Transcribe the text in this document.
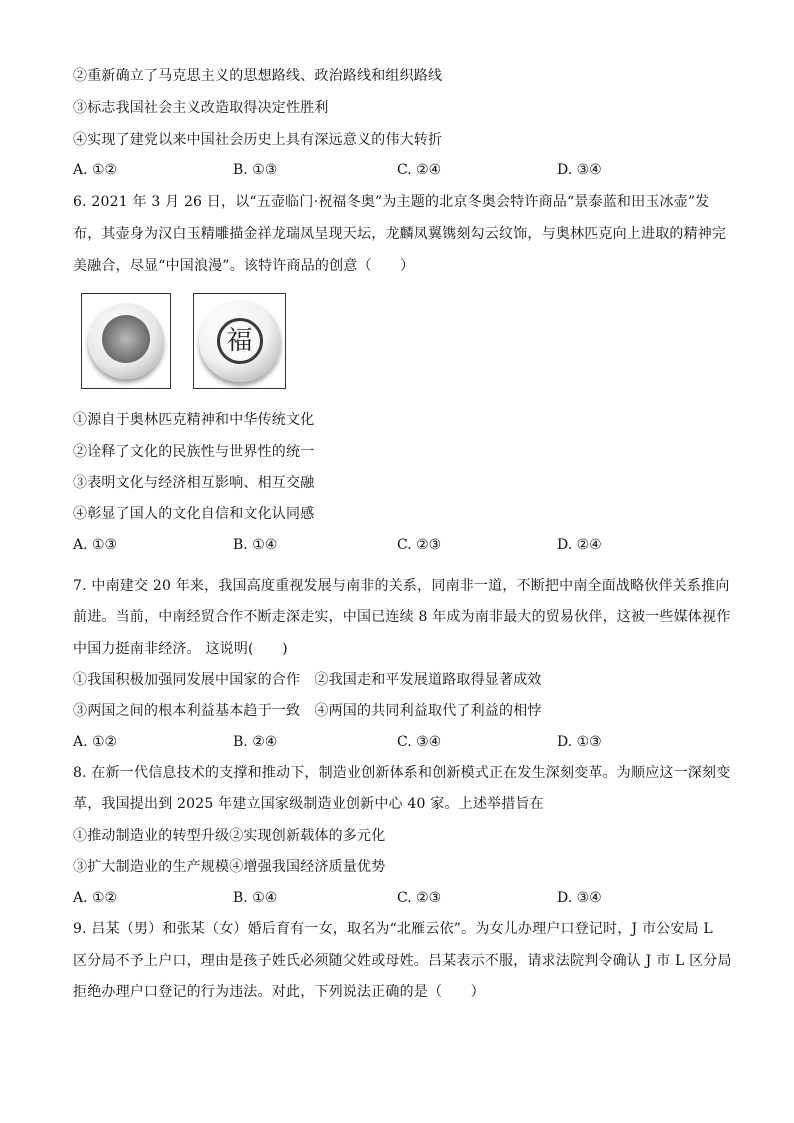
②重新确立了马克思主义的思想路线、政治路线和组织路线
③标志我国社会主义改造取得决定性胜利
④实现了建党以来中国社会历史上具有深远意义的伟大转折
A. ①②	B. ①③	C. ②④	D. ③④
6. 2021 年 3 月 26 日，以“五壶临门·祝福冬奥”为主题的北京冬奥会特许商品“景泰蓝和田玉冰壶”发
布，其壶身为汉白玉精雕描金祥龙瑞凤呈现天坛，龙麟凤翼镌刻勾云纹饰，与奥林匹克向上进取的精神完
美融合，尽显“中国浪漫”。该特许商品的创意（　　）
福
①源自于奥林匹克精神和中华传统文化
②诠释了文化的民族性与世界性的统一
③表明文化与经济相互影响、相互交融
④彰显了国人的文化自信和文化认同感
A. ①③	B. ①④	C. ②③	D. ②④
7. 中南建交 20 年来，我国高度重视发展与南非的关系，同南非一道，不断把中南全面战略伙伴关系推向
前进。当前，中南经贸合作不断走深走实，中国已连续 8 年成为南非最大的贸易伙伴，这被一些媒体视作
中国力挺南非经济。 这说明(　　)
①我国积极加强同发展中国家的合作　②我国走和平发展道路取得显著成效
③两国之间的根本利益基本趋于一致　④两国的共同利益取代了利益的相悖
A. ①②	B. ②④	C. ③④	D. ①③
8. 在新一代信息技术的支撑和推动下，制造业创新体系和创新模式正在发生深刻变革。为顺应这一深刻变
革，我国提出到 2025 年建立国家级制造业创新中心 40 家。上述举措旨在
①推动制造业的转型升级②实现创新载体的多元化
③扩大制造业的生产规模④增强我国经济质量优势
A. ①②	B. ①④	C. ②③	D. ③④
9. 吕某（男）和张某（女）婚后育有一女，取名为“北雁云依”。为女儿办理户口登记时，J 市公安局 L
区分局不予上户口，理由是孩子姓氏必须随父姓或母姓。吕某表示不服，请求法院判令确认 J 市 L 区分局
拒绝办理户口登记的行为违法。对此，下列说法正确的是（　　）
